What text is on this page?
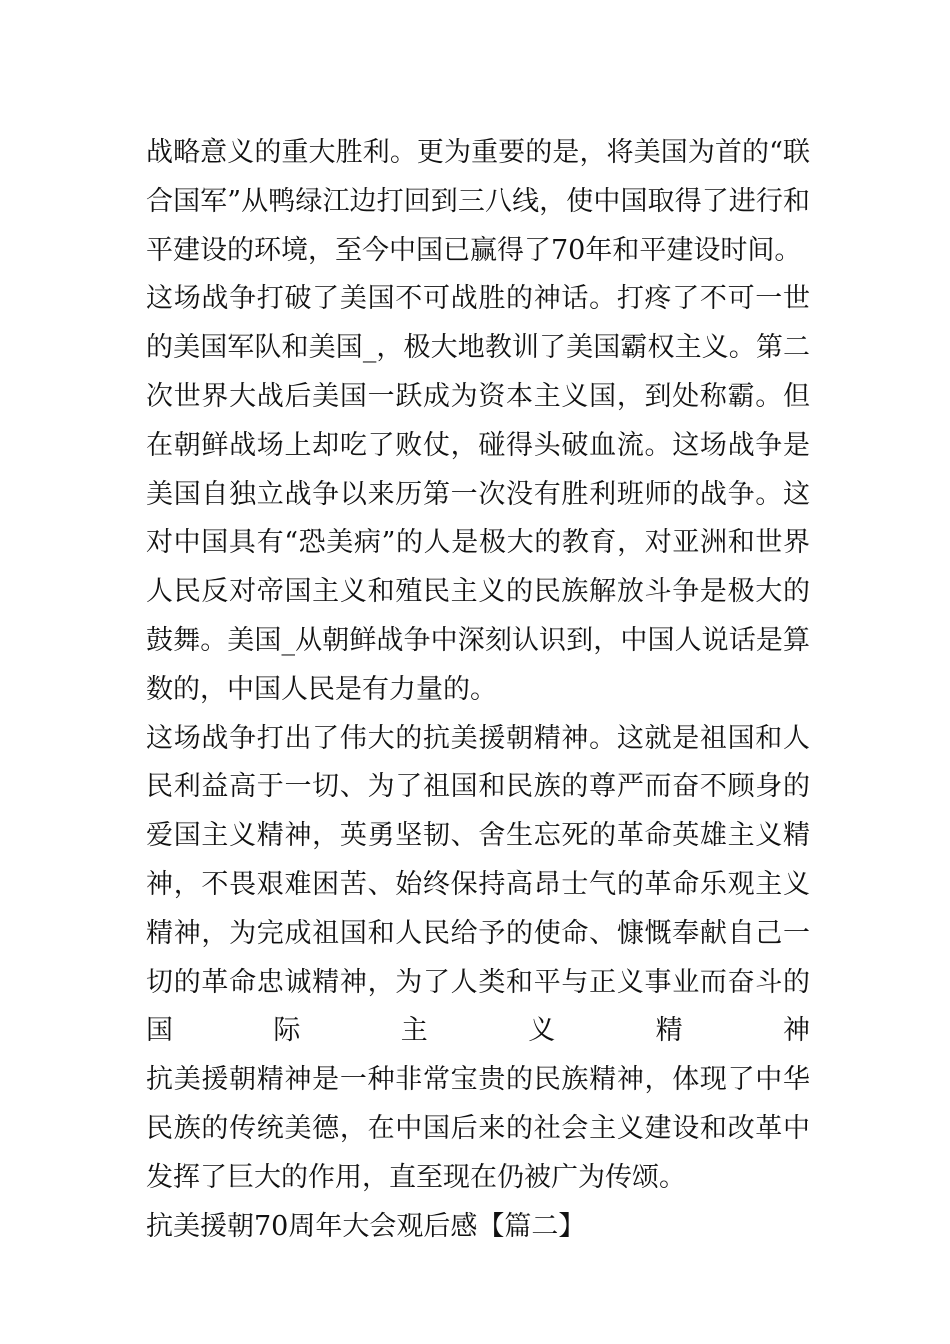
战略意义的重大胜利。更为重要的是，将美国为首的“联合国军”从鸭绿江边打回到三八线，使中国取得了进行和平建设的环境，至今中国已赢得了70年和平建设时间。

这场战争打破了美国不可战胜的神话。打疼了不可一世的美国军队和美国_，极大地教训了美国霸权主义。第二次世界大战后美国一跃成为资本主义国，到处称霸。但在朝鲜战场上却吃了败仗，碰得头破血流。这场战争是美国自独立战争以来历第一次没有胜利班师的战争。这对中国具有“恐美病”的人是极大的教育，对亚洲和世界人民反对帝国主义和殖民主义的民族解放斗争是极大的鼓舞。美国_从朝鲜战争中深刻认识到，中国人说话是算数的，中国人民是有力量的。

这场战争打出了伟大的抗美援朝精神。这就是祖国和人民利益高于一切、为了祖国和民族的尊严而奋不顾身的爱国主义精神，英勇坚韧、舍生忘死的革命英雄主义精神，不畏艰难困苦、始终保持高昂士气的革命乐观主义精神，为完成祖国和人民给予的使命、慷慨奉献自己一切的革命忠诚精神，为了人类和平与正义事业而奋斗的国际主义精神

抗美援朝精神是一种非常宝贵的民族精神，体现了中华民族的传统美德，在中国后来的社会主义建设和改革中发挥了巨大的作用，直至现在仍被广为传颂。

抗美援朝70周年大会观后感【篇二】
